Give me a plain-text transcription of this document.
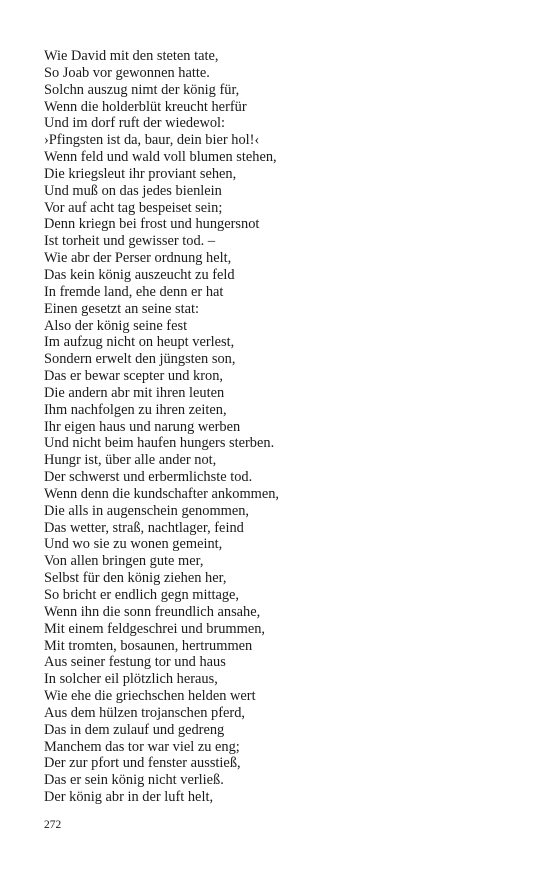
Wie David mit den steten tate,
So Joab vor gewonnen hatte.
Solchn auszug nimt der könig für,
Wenn die holderblüt kreucht herfür
Und im dorf ruft der wiedewol:
›Pfingsten ist da, baur, dein bier hol!‹
Wenn feld und wald voll blumen stehen,
Die kriegsleut ihr proviant sehen,
Und muß on das jedes bienlein
Vor auf acht tag bespeiset sein;
Denn kriegn bei frost und hungersnot
Ist torheit und gewisser tod. –
Wie abr der Perser ordnung helt,
Das kein könig auszeucht zu feld
In fremde land, ehe denn er hat
Einen gesetzt an seine stat:
Also der könig seine fest
Im aufzug nicht on heupt verlest,
Sondern erwelt den jüngsten son,
Das er bewar scepter und kron,
Die andern abr mit ihren leuten
Ihm nachfolgen zu ihren zeiten,
Ihr eigen haus und narung werben
Und nicht beim haufen hungers sterben.
Hungr ist, über alle ander not,
Der schwerst und erbermlichste tod.
Wenn denn die kundschafter ankommen,
Die alls in augenschein genommen,
Das wetter, straß, nachtlager, feind
Und wo sie zu wonen gemeint,
Von allen bringen gute mer,
Selbst für den könig ziehen her,
So bricht er endlich gegn mittage,
Wenn ihn die sonn freundlich ansahe,
Mit einem feldgeschrei und brummen,
Mit tromten, bosaunen, hertrummen
Aus seiner festung tor und haus
In solcher eil plötzlich heraus,
Wie ehe die griechschen helden wert
Aus dem hülzen trojanschen pferd,
Das in dem zulauf und gedreng
Manchem das tor war viel zu eng;
Der zur pfort und fenster ausstieß,
Das er sein könig nicht verließ.
Der könig abr in der luft helt,
272
